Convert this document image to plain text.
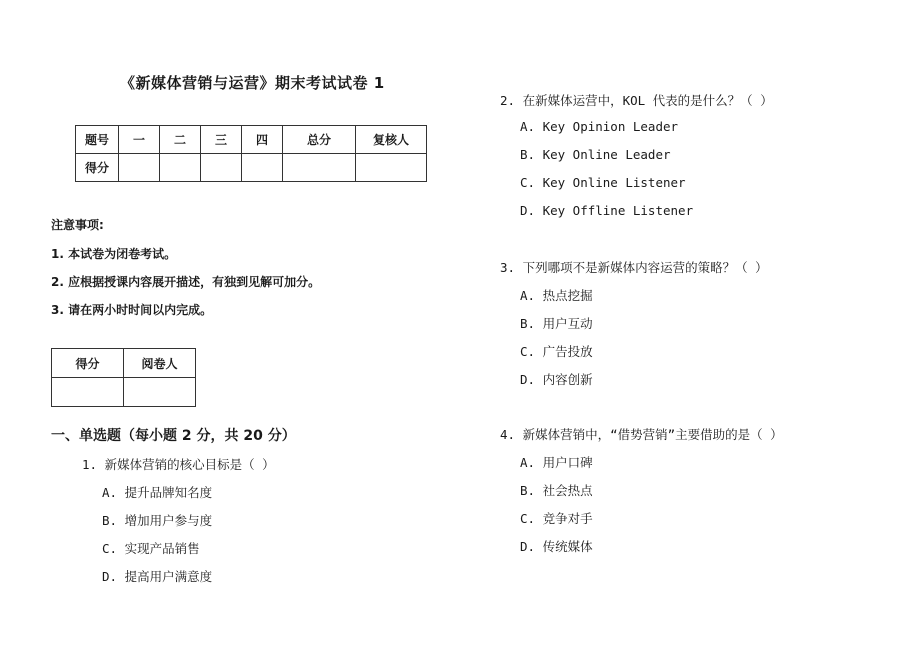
《新媒体营销与运营》期末考试试卷 1
题号	一	二	三	四	总分	复核人
得分						
注意事项:
1. 本试卷为闭卷考试。
2. 应根据授课内容展开描述，有独到见解可加分。
3. 请在两小时时间以内完成。
得分	阅卷人

一、单选题（每小题 2 分，共 20 分）
1. 新媒体营销的核心目标是（ ）
A. 提升品牌知名度
B. 增加用户参与度
C. 实现产品销售
D. 提高用户满意度
2. 在新媒体运营中，KOL 代表的是什么？（ ）
A. Key Opinion Leader
B. Key Online Leader
C. Key Online Listener
D. Key Offline Listener
3. 下列哪项不是新媒体内容运营的策略？（ ）
A. 热点挖掘
B. 用户互动
C. 广告投放
D. 内容创新
4. 新媒体营销中，“借势营销”主要借助的是（ ）
A. 用户口碑
B. 社会热点
C. 竞争对手
D. 传统媒体
